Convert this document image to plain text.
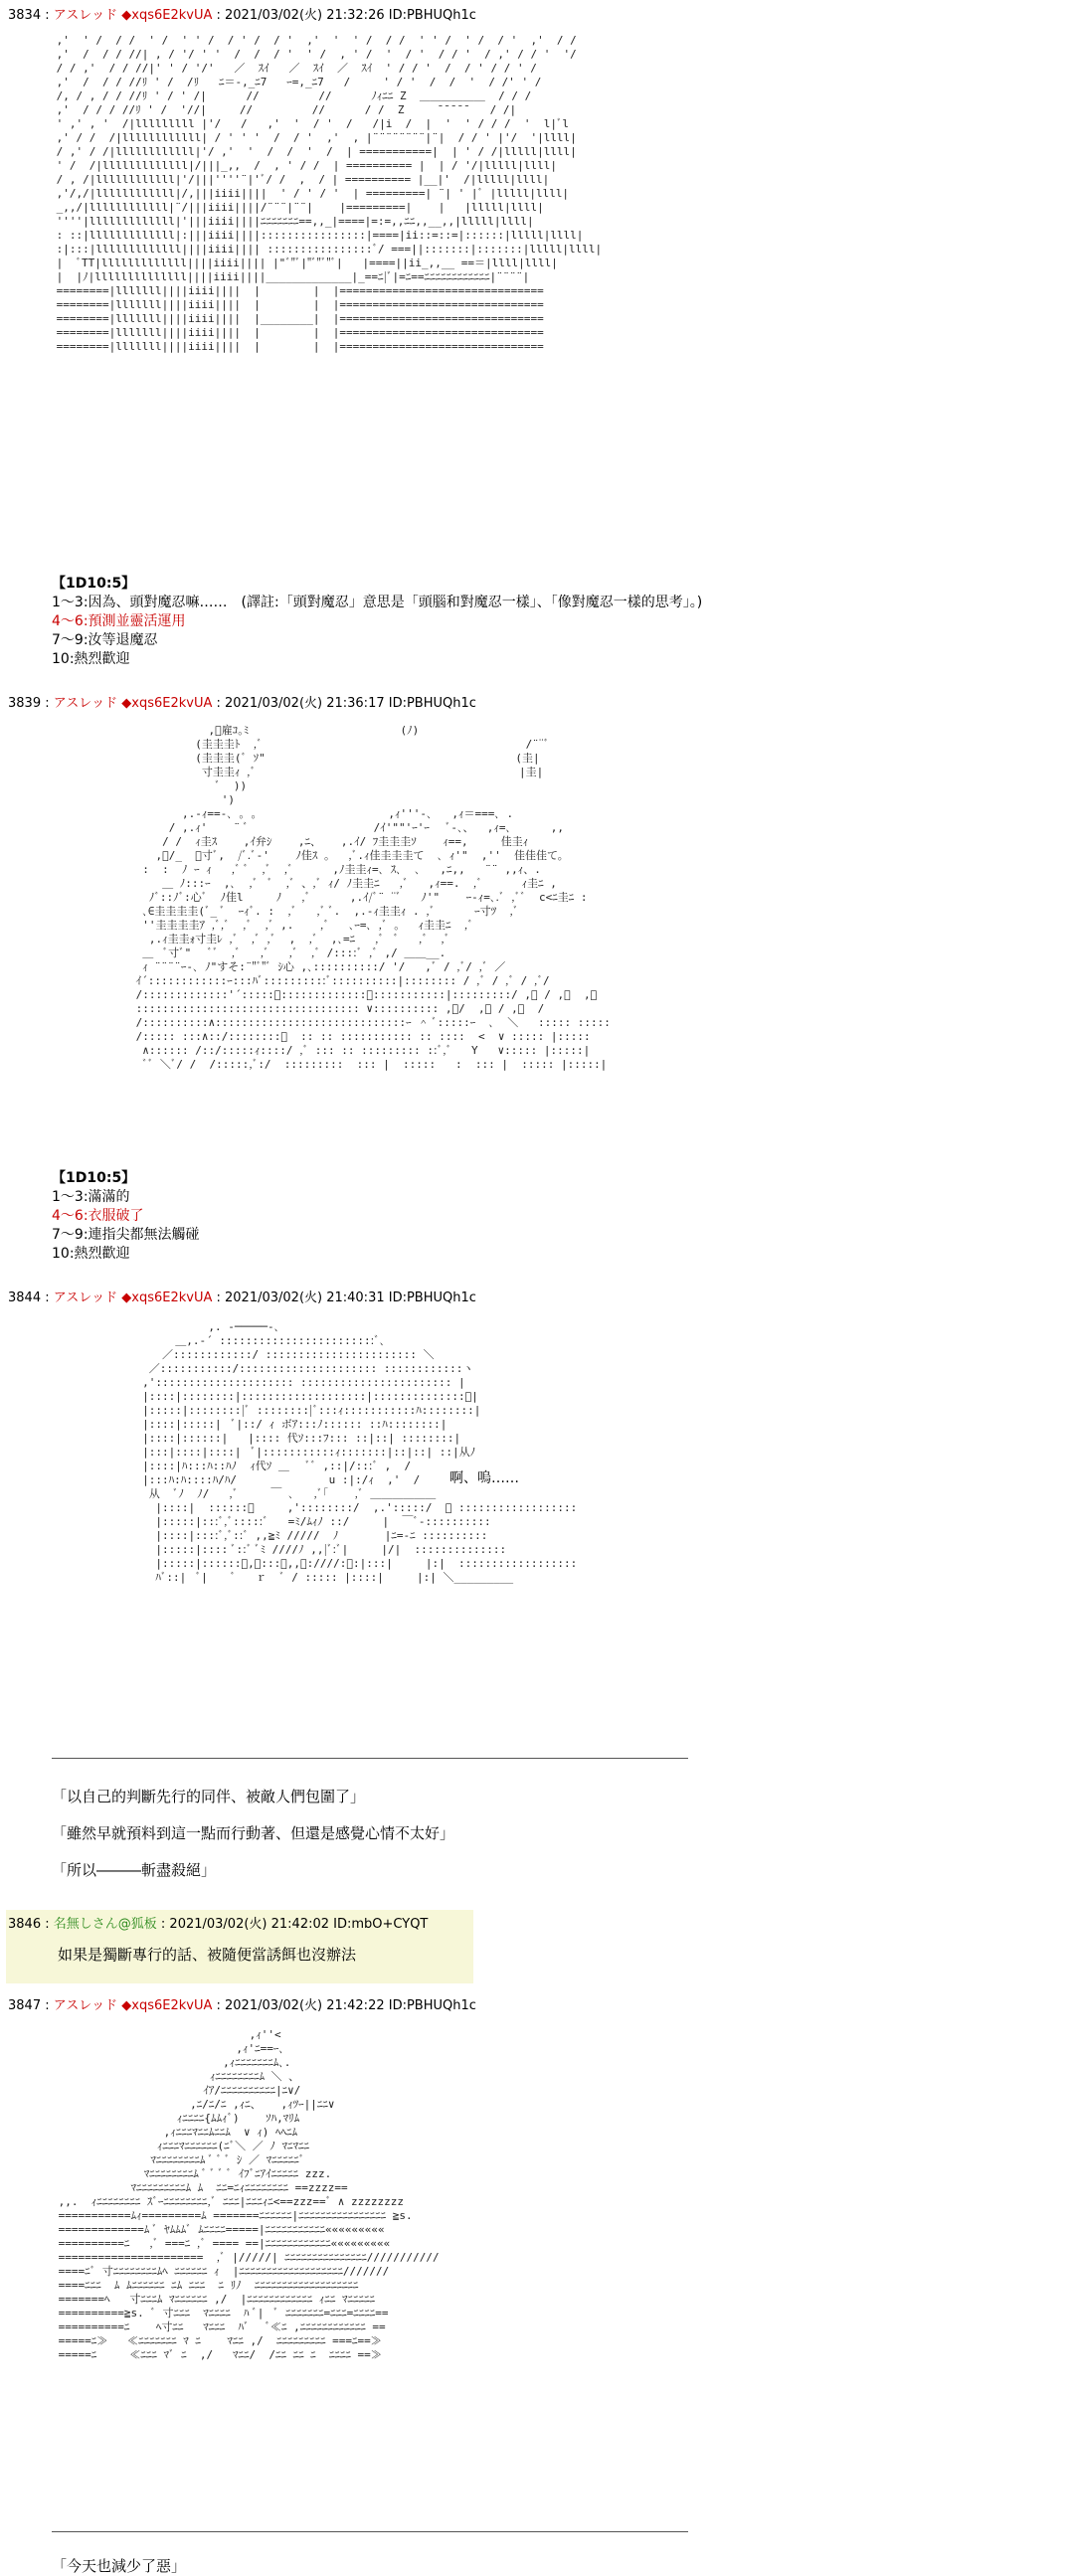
3834 : アスレッド ◆xqs6E2kvUA : 2021/03/02(火) 21:32:26 ID:PBHUQh1c
,'  ' /  / /  ' /  ' ' /  / ' /  / '  ,'  '  ' /  / /  ' ' /  ' /  / '  ,'  / /
,'  /  / / //| , / '/ ' '  /  /  / '  ' /  , ' /  '  / '  / / '  / ,' / / '  '/
/ / ,'  / / //|' ' / '/'   ／  ｽｲ   ／  ｽｲ  ／  ｽｲ  ' / / '  /  / ' / / ' /
,'  /  / / //ﾘ ' /  /ﾘ   ﾆ＝-,_ﾆ7   ｰ=,_ﾆ7   /     ' / '  /  /  '  / /' ' /
/, / , / / //ﾘ ' / ' /|      //         //      ﾉｨﾆﾆ Z  ＿＿＿＿＿＿  / / /
,'  / / / //ﾘ ' /  '//|     //         //      / /  Z     ̄ ̄ ̄ ̄ ̄    / /|
' ,' , '  /|lllllllll |'/   /   ,'  '  / '  /   /|i  /  |  '  ' / / /  '  l|ﾞl
,' / /  /|llllllllllll| / ' ' '  /  / '  ,'  , |¨¨¨¨¨¨¨¨|¨|  / / ' |'/  '|llll|
/ ,' / /|llllllllllll|'/ ,'  '  /  /  '  /  | ===========|  | ' / /|lllll|llll|
' /  /|lllllllllllll|/|||_,,  /  , ' / /  | ========== |  | / '/|lllll|llll|
/ , /|llllllllllll|'/|||''''¨|'ﾞ/ /  ,  / | ========== |__|'  /|lllll|llll|
,'/,/|llllllllllll|/,|||iiii||||  ' / ' / '  | =========| ¨| ' |ﾞ |lllll|llll|
_,,/|llllllllllll|¨/|||iiii||||/¨¨¨|¨¨|    |=========|    |   |lllll|llll|
''''|lllllllllllll|'|||iiii||||ﾆﾆﾆﾆﾆﾆﾆ==,,_|====|=:=,,ﾆﾆ,,__,,|lllll|llll|
: ::|lllllllllllll|:|||iiii||||::::::::::::::::|====|ii::=::=|::::::|lllll|llll|
:|:::|lllllllllllll||||iiii|||| ::::::::::::::::ﾞ/ ===||:::::::|:::::::|lllll|llll|
|  ﾞTT|lllllllllllll||||iiii|||| |"ﾞ"ﾞ|"ﾞ"ﾞ"ﾞ|   |====||ii_,,__ ==＝|llll|llll|
|  |ﾉ|llllllllllllll||||iiii||||_____________|_==ﾆ|ﾞ|=ﾆ==ﾆﾆﾆﾆﾆﾆﾆﾆﾆﾆﾆﾆ|¨¨¨¨|
========|lllllll||||iiii||||  |        |  |===============================
========|lllllll||||iiii||||  |        |  |===============================
========|lllllll||||iiii||||  |________|  |===============================
========|lllllll||||iiii||||  |        |  |===============================
========|lllllll||||iiii||||  |        |  |===============================

【1D10:5】
1～3:因為、頭對魔忍嘛……　(譯註:「頭對魔忍」意思是「頭腦和對魔忍一樣」、「像對魔忍一樣的思考」。)
4～6:預測並靈活運用
7～9:汝等退魔忍
10:熱烈歡迎
3839 : アスレッド ◆xqs6E2kvUA : 2021/03/02(火) 21:36:17 ID:PBHUQh1c
,ﾞ雇ｺ｡ﾐ                       (ﾉ)
(圭圭圭ﾄ  ,ﾞ                                        /¨¨ﾞ
(圭圭圭(ﾞ ｿ"                                      (圭|
寸圭圭ｨ ,ﾞ                                        |圭|
ﾞ  ))
')
,.-ｨ==-､ ｡ ｡                    ,ｨ'''-､   ,ｨ＝===､ .
/ ,.ｨ'    ¨ ﾞ                   /ｲ'""'ｰ'ｰ   ﾞ-､、  ,ｨ=､      ,,
/ /  ｨ圭ｽ    ,ｲ弁ｼ    ,ﾆ、   ,.ｲ/ ﾌ圭圭圭ｿ    ｨ==,     佳圭ｨ
,ﾞ/_  ｰ寸ﾞ,  /ﾞ.ﾞ-'    ﾉ佳ｽ 。  ,ﾞ.ｨ佳圭圭圭て  ､ ｨ'"  ,''  佳佳佳て。
:  :  ﾉ ｰ ｨ   ,ﾞ ﾞ  ,ﾞ  ,ﾞ      ,ﾉ圭圭ｨ=､ ｽ､  ､   ,ﾆ,,   ¨¨ ,,ｨ、.
＿ ﾉ:::ｰ  ,､  ,ﾞ  ﾞ  ,ﾞ 、,ﾞ ｨ/ ﾉ圭圭ﾆ   ,ﾞ   ,ｨ==.  ,ﾞ      ｨ圭ﾆ ,
ﾉﾞ::ﾉﾞ:心ﾞ  ﾉ佳l     ﾉ   ,ﾞ      ,.ｲ/ﾞ¨ ¨ﾞ   ﾉ'"    ｰ-ｨ=､.ﾞ ,ﾞﾞ  c<ﾆ圭ﾆ :
､∈圭圭圭圭(ﾞ_ ﾞ  ｰｨﾞ. :  ,ﾞ   ,ﾞ ﾞ.  ,.-ｨ圭圭ｨ . ,ﾞ      ｰ寸ﾂ  ,ﾞ
''圭圭圭圭ｱ ,ﾞ,ﾞ  ,ﾞ  ,ﾞ ,.    ,ﾞ   ､ｰ=､ ,ﾞ 。  ｨ圭圭ﾆ  ,ﾞ
,.ｨ圭圭ｫ寸圭ﾚ ,ﾞ  ,ﾞ ,ﾞ  ,  ,ﾞ  ,､=ﾆ   ,ﾞ  ﾞ   ,ﾞ  ,ﾞ
＿  ﾞ寸ﾞ"   ﾞﾞ  ,ﾞ   ,ﾞ   ,ﾞ  ,ﾞ /::::ﾞ ,ﾞ ,/ ＿＿__.
ｨ ¨¨¨¨ｰ-､ ﾉ"すそ:¨"ﾞ"ﾞ ｼ心 ,､::::::::::/ '/   ,ﾞ / ,ﾞ/ ,ﾞ ／
ｲ´::::::::::::ｰ:::ﾊﾞ::::::::::ﾞ::::::::::|:::::::: / ,ﾞ / ,ﾞ / ,ﾞ/
/:::::::::::::'´:::::ﾞ:::::::::::::＞:::::::::::|:::::::::/ ,ﾞ / ,ﾞ  ,ﾞ
:::::::::::::::::::::::::::::::::: ∨:::::::::: ,ﾞ/  ,ﾞ / ,ﾞ  /
/::::::::::∧:::::::::::::::::::::::::::::ｰ ＾ ﾞ:::::ｰ  ､  ＼   ::::: :::::
/::::: :::∧::/::::::::ﾞ  :: :: ::::::::::: :: ::::  <  ∨ ::::: |:::::
∧:::::: /::/:::::ｨ::::/ ,ﾞ ::: :: ::::::::: ::ﾞ,ﾞ   Y   ∨::::: |:::::|
ﾞﾞ ＼ﾞ/ /  /:::::,ﾞ:/  :::::::::  ::: |  :::::   :  ::: |  ::::: |:::::|

【1D10:5】
1～3:滿滿的
4～6:衣服破了
7～9:連指尖都無法觸碰
10:熱烈歡迎
3844 : アスレッド ◆xqs6E2kvUA : 2021/03/02(火) 21:40:31 ID:PBHUQh1c
,. -─────-､
＿,.-´ ::::::::::::::::::::::::ﾞ､
／::::::::::::/ ::::::::::::::::::::::: ＼
／:::::::::::/::::::::::::::::::::: ::::::::::::ヽ
,'::::::::::::::::::::: ::::::::::::::::::::::: |
|::::|::::::::|:::::::::::::::::::|::::::::::::::ﾞ|
|:::::|::::::::|ﾞ ::::::::|ﾞ:::ｨ:::::::::::ﾊ::::::::|
|::::|:::::|  ﾞ|::/ ｨ ボｱ:::ﾉ:::::: ::ﾊ::::::::|
|::::|::::::|   |:::: 代ｿ:::ﾌ::: ::|::| ::::::::|
|:::|::::|::::|  ﾞ|:::::::::::ｨ:::::::|::|::| ::|从ﾉ
|::::|ﾊ:::ﾊ::ﾊﾉ  ｨ代ｿ ＿   ﾞﾞ ,::|/:::ﾞ ,  /
|:::ﾊ:ﾊ::::ﾊ/ﾊ/              u :|:/ｨ  ,'  /
从  ﾞﾉ  ﾉ/   ,ﾞ     ￣ ､   ,ﾞ｢    ,ﾞ ＿＿＿＿＿＿
|::::|  ::::::ﾞ     ,'::::::::/  ,.':::::/  ＼ ::::::::::::::::::
|:::::|:::ﾞ,ﾞ:::::ﾞ   =ﾐ/ﾑｨﾉ ::/     |  ￣ﾞ-::::::::::
|::::|::::ﾞ,ﾞ::ﾞ ,,≧ﾐ /////  ﾉ       |ﾆ=-ﾆ ::::::::::
|:::::|:::: ﾞ::ﾞ ﾞﾐ ////ﾉ ,,|ﾞ:ﾞ|     |/|  ::::::::::::::
|:::::|::::::ﾞ,ﾞ:::ﾞ,,ﾞ:////:ﾞ:|:::|     |:|  ::::::::::::::::::
ﾊﾞ::|  ﾞ|    ﾞ   ｒ  ﾞ / ::::: |::::|     |:| ＼_________

啊、嗚……
「以自己的判斷先行的同伴、被敵人們包圍了」
「雖然早就預料到這一點而行動著、但還是感覺心情不太好」
「所以―――斬盡殺絕」
3846 : 名無しさん@狐板 : 2021/03/02(火) 21:42:02 ID:mbO+CYQT
如果是獨斷專行的話、被隨便當誘餌也沒辦法
3847 : アスレッド ◆xqs6E2kvUA : 2021/03/02(火) 21:42:22 ID:PBHUQh1c
,ｨ''<
,ｨ'ﾆ==ｰ､
,ｨﾆﾆﾆﾆﾆﾆﾆﾑ､.
ｨﾆﾆﾆﾆﾆﾆﾆﾆﾑ ＼ 、
ｲｱ/ﾆﾆﾆﾆﾆﾆﾆﾆﾆﾆ|ﾆ∨/
,ﾆ/ﾆ/ﾆ ,ｨﾆ、   ,ｨﾂｰ||ﾆﾆ∨
ｨﾆﾆﾆﾆ{ﾑﾑｨﾞ)    ｿﾊ,ﾏﾘﾑ
,ｨﾆﾆﾆﾏﾆﾆﾑﾆﾆﾑ  ∨ ｨ) ﾍﾍﾆﾑ
ｨﾆﾆﾆﾏﾆﾆﾆﾆﾆﾆ(ﾆﾞ＼ ／ ﾉ ﾏﾆﾏﾆﾆ
ﾏﾆﾆﾆﾆﾆﾆﾆﾆﾑ ﾞ ﾞ ﾞ ｼ ／ ﾏﾆﾆﾆﾆﾆﾞ
ﾏﾆﾆﾆﾆﾆﾆﾆﾆﾑ ﾞ ﾞ ﾞ ﾞ ｲﾌﾞﾆｱｲﾆﾆﾆﾆﾆ zzz.
ﾏﾆﾆﾆﾆﾆﾆﾆﾆﾆﾑ ﾑ  ﾆﾆ=ﾆｨﾆﾆﾆﾆﾆﾆﾆﾆ ==zzzz==
,,.  ｨﾆﾆﾆﾆﾆﾆﾆﾆ ｽﾞｰﾆﾆﾆﾆﾆﾆﾆﾆ,ﾞ ﾆﾆﾆ|ﾆﾆﾆｨﾆ<==zzz==ﾞ ∧ zzzzzzzz
===========ﾑｨ=========ﾑ =======ﾆﾆﾆﾆﾆﾆ|ﾆﾆﾆﾆﾆﾆﾆﾆﾆﾆﾆﾆﾆﾆﾆﾆ ≧s.
=============ﾑ ﾞ ﾔﾑﾑﾑﾞ ﾑﾆﾆﾆﾆ=====|ﾆﾆﾆﾆﾆﾆﾆﾆﾆﾆﾆ«««««««««
==========ﾆ   ,ﾞ ===ﾆ ,ﾞ ==== ==|ﾆﾆﾆﾆﾆﾆﾆﾆﾆﾆﾆﾆ«««««««««
======================  ,ﾞ |/////| ﾆﾆﾆﾆﾆﾆﾆﾆﾆﾆﾆﾆﾆﾆﾆ///////////
====ﾆﾞ 寸ﾆﾆﾆﾆﾆﾆﾆﾆﾑﾍ ﾆﾆﾆﾆﾆﾆ ｨ  |ﾆﾆﾆﾆﾆﾆﾆﾆﾆﾆﾆﾆﾆﾆﾆﾆﾆﾆﾆ///////
====ﾆﾆﾆ  ﾑ ﾑﾆﾆﾆﾆﾆﾆ ﾆﾑ ﾆﾆﾆ  ﾆ ﾘﾉ  ﾆﾆﾆﾆﾆﾆﾆﾆﾆﾆﾆﾆﾆﾆﾆﾆﾆﾆﾆ
=======ﾍ   寸ﾆﾆﾆﾑ ﾏﾆﾆﾆﾆﾆﾆ ,/  |ﾆﾆﾆﾆﾆﾆﾆﾆﾆﾆﾆﾆ ｨﾆﾆ ﾏﾆﾆﾆﾆﾆ
==========≧s. ﾞ 寸ﾆﾆﾆ  ﾏﾆﾆﾆﾆ  ﾊ ﾞ|  ﾞ ﾆﾆﾆﾆﾆﾆﾆ=ﾆﾆﾆ=ﾆﾆﾆﾆ==
==========ﾆ    ﾍ寸ﾆﾆ   ﾏﾆﾆﾆ  ﾊﾞ   ﾞ≪ﾆ ,ﾆﾆﾆﾆﾆﾆﾆﾆﾆﾆﾆﾆ ==
=====ﾆ≫   ≪ﾆﾆﾆﾆﾆﾆﾆ ﾏ ﾆ    ﾏﾆﾆ ,/  ﾆﾆﾆﾆﾆﾆﾆﾆﾆ ===ﾆ==≫
=====ﾆ     ≪ﾆﾆﾆ ﾏﾞ ﾆ  ,/   ﾏﾆﾆ/  /ﾆﾆ ﾆﾆ ﾆ  ﾆﾆﾆﾆ ==≫

「今天也減少了惡」
